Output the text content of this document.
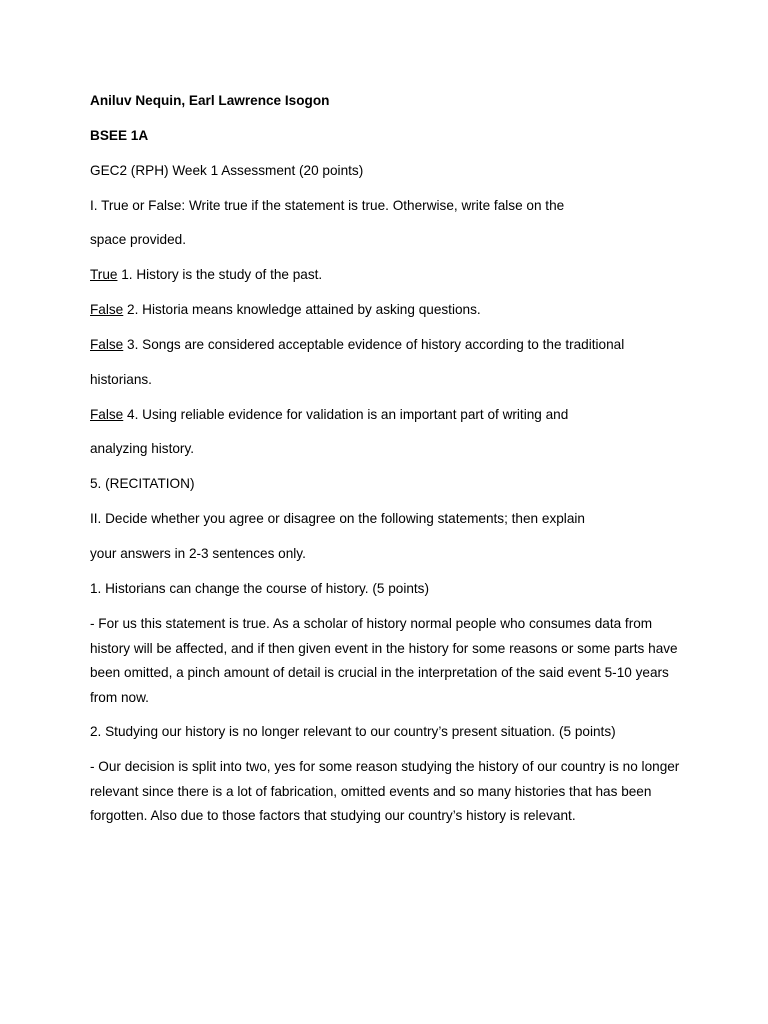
Aniluv Nequin, Earl Lawrence Isogon
BSEE 1A
GEC2 (RPH) Week 1 Assessment (20 points)
I. True or False: Write true if the statement is true. Otherwise, write false on the
space provided.
True 1. History is the study of the past.
False 2. Historia means knowledge attained by asking questions.
False 3. Songs are considered acceptable evidence of history according to the traditional
historians.
False 4. Using reliable evidence for validation is an important part of writing and
analyzing history.
5. (RECITATION)
II. Decide whether you agree or disagree on the following statements; then explain
your answers in 2-3 sentences only.
1. Historians can change the course of history. (5 points)
- For us this statement is true. As a scholar of history normal people who consumes data from history will be affected, and if then given event in the history for some reasons or some parts have been omitted, a pinch amount of detail is crucial in the interpretation of the said event 5-10 years from now.
2. Studying our history is no longer relevant to our country’s present situation. (5 points)
- Our decision is split into two, yes for some reason studying the history of our country is no longer relevant since there is a lot of fabrication, omitted events and so many histories that has been forgotten. Also due to those factors that studying our country’s history is relevant.
